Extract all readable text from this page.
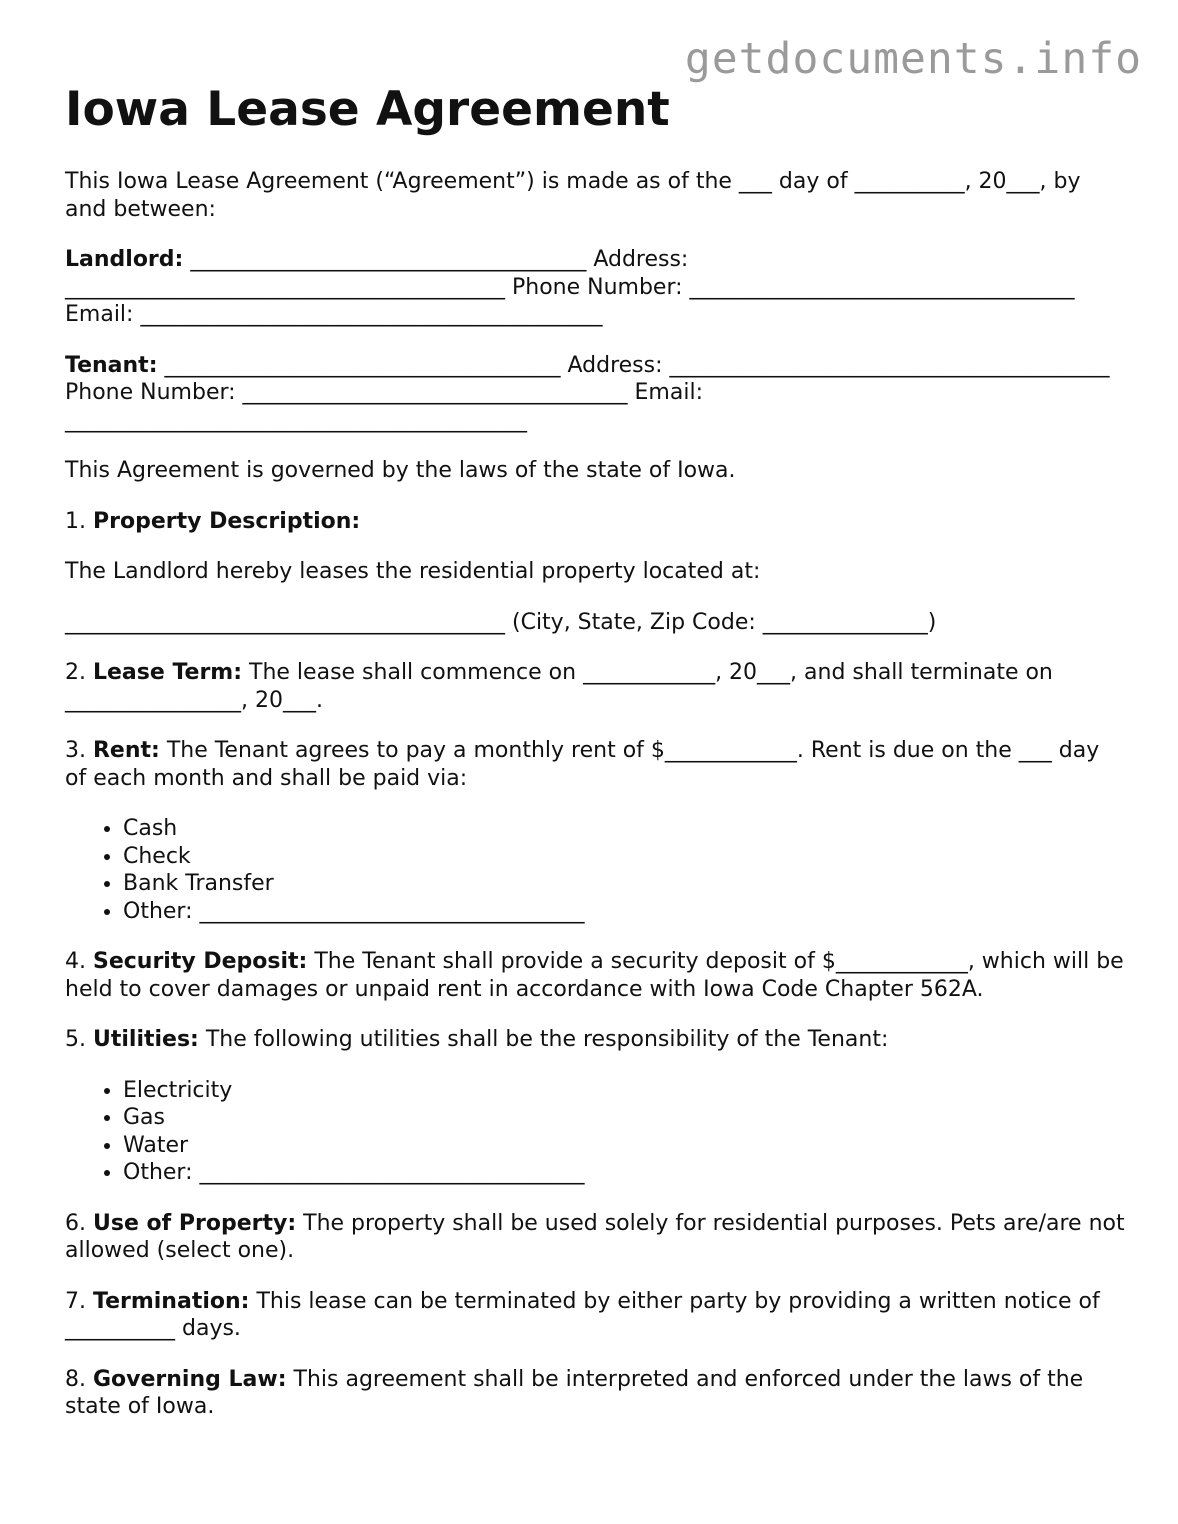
getdocuments.info
Iowa Lease Agreement

This Iowa Lease Agreement (“Agreement”) is made as of the ___ day of __________, 20___, by and between:

Landlord: ____________________________________ Address: ________________________________________ Phone Number: ___________________________________ Email: __________________________________________

Tenant: ____________________________________ Address: ________________________________________ Phone Number: ___________________________________ Email: __________________________________________

This Agreement is governed by the laws of the state of Iowa.

1. Property Description:

The Landlord hereby leases the residential property located at:

________________________________________ (City, State, Zip Code: _______________)

2. Lease Term: The lease shall commence on ____________, 20___, and shall terminate on ________________, 20___.

3. Rent: The Tenant agrees to pay a monthly rent of $____________. Rent is due on the ___ day of each month and shall be paid via:

• Cash
• Check
• Bank Transfer
• Other: ___________________________________

4. Security Deposit: The Tenant shall provide a security deposit of $____________, which will be held to cover damages or unpaid rent in accordance with Iowa Code Chapter 562A.

5. Utilities: The following utilities shall be the responsibility of the Tenant:

• Electricity
• Gas
• Water
• Other: ___________________________________

6. Use of Property: The property shall be used solely for residential purposes. Pets are/are not allowed (select one).

7. Termination: This lease can be terminated by either party by providing a written notice of __________ days.

8. Governing Law: This agreement shall be interpreted and enforced under the laws of the state of Iowa.
